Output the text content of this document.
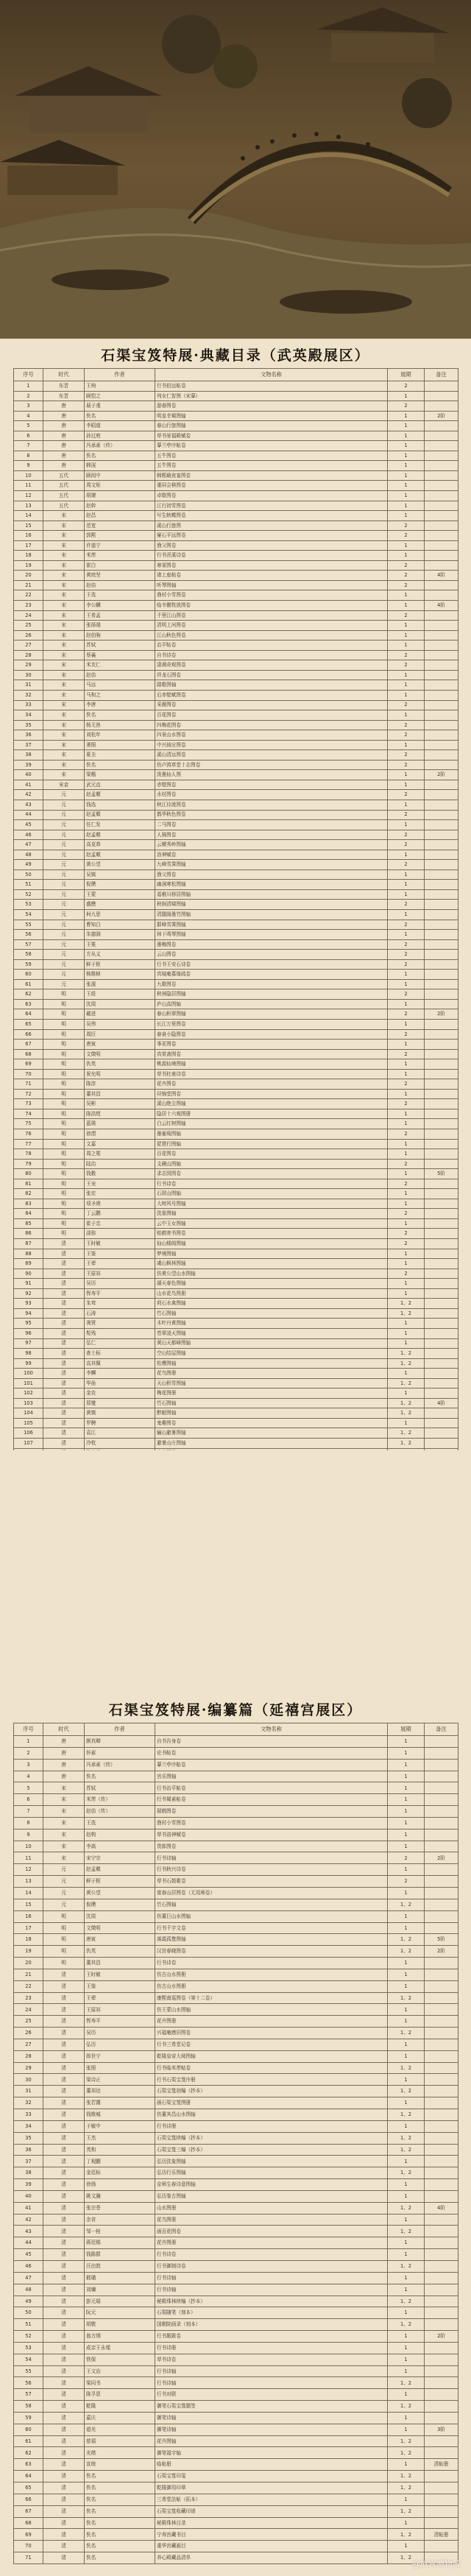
石渠宝笈特展·典藏目录（武英殿展区）
序号	时代	作者	文物名称	展期	备注
1	东晋	王珣	行书伯远帖卷	2	
2	东晋	顾恺之	列女仁智图（宋摹）	1	
3	唐	展子虔	游春图卷	2	
4	唐	佚名	明皇幸蜀图轴	1	2阶
5	唐	李昭道	春山行旅图轴	1	
6	唐	孙过庭	草书景福殿赋卷	1	
7	唐	冯承素（传）	摹兰亭序帖卷	1	
8	唐	佚名	五牛图卷	1	
9	唐	韩滉	五牛图卷	1	
10	五代	顾闳中	韩熙载夜宴图卷	1	
11	五代	周文矩	重屏会棋图卷	1	
12	五代	胡瓌	卓歇图卷	1	
13	五代	赵幹	江行初雪图卷	1	
14	宋	赵昌	写生蛱蝶图卷	1	
15	宋	范宽	溪山行旅图	2	
16	宋	郭熙	窠石平远图卷	2	
17	宋	许道宁	渔父图卷	1	
18	宋	米芾	行书苕溪诗卷	1	
19	宋	崔白	寒雀图卷	2	
20	宋	黄庭坚	诸上座帖卷	2	4阶
21	宋	赵佶	听琴图轴	2	
22	宋	王诜	渔村小雪图卷	1	
23	宋	李公麟	临韦偃牧放图卷	1	4阶
24	宋	王希孟	千里江山图卷	2	
25	宋	张择端	清明上河图卷	1	
26	宋	赵伯驹	江山秋色图卷	1	
27	宋	苏轼	治平帖卷	1	
28	宋	蔡襄	自书诗卷	2	
29	宋	米友仁	潇湘奇观图卷	2	
30	宋	赵佶	祥龙石图卷	1	
31	宋	马远	踏歌图轴	1	
32	宋	马和之	后赤壁赋图卷	1	
33	宋	李唐	采薇图卷	2	
34	宋	佚名	百花图卷	1	
35	宋	杨无咎	四梅花图卷	2	
36	宋	刘松年	四景山水图卷	2	
37	宋	萧照	中兴祯应图卷	1	
38	宋	夏圭	溪山清远图卷	2	
39	宋	佚名	仿卢鸿草堂十志图卷	2	
40	宋	梁楷	泼墨仙人图	1	2阶
41	宋金	武元直	赤壁图卷	1	
42	元	赵孟頫	水村图卷	2	
43	元	钱选	秋江待渡图卷	1	
44	元	赵孟頫	鹊华秋色图卷	2	
45	元	任仁发	二马图卷	1	
46	元	赵孟頫	人骑图卷	2	
47	元	高克恭	云横秀岭图轴	2	
48	元	赵孟頫	洛神赋卷	1	
49	元	黄公望	九峰雪霁图轴	2	
50	元	吴镇	渔父图卷	1	
51	元	倪瓒	幽涧寒松图轴	1	
52	元	王蒙	葛稚川移居图轴	1	
53	元	盛懋	秋舸清啸图轴	2	
54	元	柯九思	清閟阁墨竹图轴	1	
55	元	曹知白	群峰雪霁图轴	2	
56	元	朱德润	林下鸣琴图轴	1	
57	元	王冕	墨梅图卷	2	
58	元	方从义	云山图卷	2	
59	元	鲜于枢	行书王安石诗卷	2	
60	元	杨维桢	真镜庵募缘疏卷	1	
61	元	张渥	九歌图卷	1	
62	明	王绂	秋林隐居图轴	2	
63	明	沈周	庐山高图轴	1	
64	明	戴进	春山积翠图轴	2	2阶
65	明	吴伟	长江万里图卷	1	
66	明	周臣	春泉小隐图卷	2	
67	明	唐寅	事茗图卷	1	
68	明	文徵明	真赏斋图卷	2	
69	明	仇英	桃源仙境图轴	1	
70	明	祝允明	草书杜甫诗卷	1	
71	明	陈淳	花卉图卷	2	
72	明	董其昌	昼锦堂图卷	1	
73	明	吴彬	溪山绝尘图轴	2	
74	明	陈洪绶	隐居十六观图册	1	
75	明	蓝瑛	白云红树图轴	1	
76	明	徐渭	墨葡萄图轴	2	
77	明	文嘉	琵琶行图轴	1	
78	明	周之冕	百花图卷	1	
79	明	陆治	支硎山图轴	2	
80	明	钱穀	求志园图卷	1	5阶
81	明	王宠	行书诗卷	2	
82	明	张宏	石屑山图轴	1	
83	明	项圣谟	大树风号图轴	1	
84	明	丁云鹏	洗象图轴	2	
85	明	崔子忠	云中玉女图轴	1	
86	明	邵弥	贻鹤寄书图卷	2	
87	清	王时敏	仙山楼阁图轴	2	
88	清	王鉴	梦境图轴	1	
89	清	王翚	虞山枫林图轴	1	
90	清	王原祁	仿黄公望山水图轴	2	
91	清	吴历	湖天春色图轴	1	
92	清	恽寿平	山水花鸟图册	1	
93	清	朱耷	荷石水禽图轴	1、2	
94	清	石涛	竹石图轴	1、2	
95	清	龚贤	木叶丹黄图轴	1	
96	清	髡残	苍翠凌天图轴	1	
97	清	弘仁	黄山天都峰图轴	1	
98	清	查士标	空山结屋图轴	1、2	
99	清	高其佩	松鹰图轴	1、2	
100	清	李鱓	花鸟图册	1	
101	清	华嵒	天山积雪图轴	1、2	
102	清	金农	梅花图册	1	
103	清	郑燮	竹石图轴	1、2	4阶
104	清	黄慎	醉眠图轴	1、2	
105	清	罗聘	鬼趣图卷	1	
106	清	袁江	骊山避暑图轴	1、2	
107	清	冷枚	避暑山庄图轴	1、2	

石渠宝笈特展·编纂篇（延禧宫展区）
序号	时代	作者	文物名称	展期	备注
1	唐	颜真卿	自书告身卷	1	
2	唐	怀素	论书帖卷	1	
3	唐	冯承素（传）	摹兰亭序帖卷	1	
4	唐	佚名	宫乐图轴	1	
5	宋	苏轼	行书治平帖卷	1	
6	宋	米芾（传）	行书蜀素帖卷	1	
7	宋	赵佶（传）	瑞鹤图卷	1	
8	宋	王诜	渔村小雪图卷	1	
9	宋	赵构	草书洛神赋卷	1	
10	宋	李嵩	货郎图卷	1	
11	宋	宋宁宗	行书诗轴	2	2阶
12	元	赵孟頫	行书秋兴诗卷	1	
13	元	鲜于枢	草书石鼓歌卷	2	
14	元	黄公望	富春山居图卷（无用师卷）	1	
15	元	倪瓒	竹石图轴	1、2	
16	明	沈周	仿董巨山水图轴	1	
17	明	文徵明	行书千字文卷	1	
18	明	唐寅	落霞孤鹜图轴	1、2	5阶
19	明	仇英	汉宫春晓图卷	1、2	2阶
20	明	董其昌	行书诗卷	1	
21	清	王时敏	仿古山水图册	1	
22	清	王鉴	仿古山水图册	1	
23	清	王翚	康熙南巡图卷（第十二卷）	1、2	
24	清	王原祁	仿王蒙山水图轴	1	
25	清	恽寿平	花卉图册	1	
26	清	吴历	兴福庵感旧图卷	1、2	
27	清	弘历	行书三希堂记卷	1	
28	清	郎世宁	乾隆皇帝大阅图轴	1	
29	清	张照	行书临米芾帖卷	1、2	
30	清	梁诗正	行书石渠宝笈序册	1	
31	清	董邦达	石渠宝笈初编（抄本）	1、2	
32	清	张若霭	画石渠宝笈图册	1	
33	清	钱维城	仿董其昌山水图轴	1、2	
34	清	于敏中	行书诗册	1	
35	清	王杰	石渠宝笈续编（抄本）	1、2	
36	清	英和	石渠宝笈三编（抄本）	1、2	
37	清	丁观鹏	弘历洗象图轴	1	
38	清	金廷标	弘历行乐图轴	1、2	
39	清	徐扬	京师生春诗意图轴	1	
40	清	姚文瀚	弘历鉴古图轴	1	
41	清	张宗苍	山水图册	1、2	4阶
42	清	余省	花鸟图册	1	
43	清	邹一桂	画百花图卷	1、2	
44	清	蒋廷锡	花卉图册	1	
45	清	钱陈群	行书诗卷	1	
46	清	汪由敦	行书御制诗卷	1、2	
47	清	嵇璜	行书诗轴	1	
48	清	刘墉	行书诗轴	1	
49	清	彭元瑞	秘殿珠林续编（抄本）	1、2	
50	清	阮元	石渠随笔（刻本）	1	
51	清	胡敬	国朝院画录（刻本）	1、2	
52	清	翁方纲	行书题跋卷	1	2阶
53	清	成亲王永瑆	行书诗册	1	
54	清	铁保	草书诗卷	1	
55	清	王文治	行书诗轴	1	
56	清	梁同书	行书诗轴	1、2	
57	清	陈孚恩	行书对联	1	
58	清	乾隆	御笔石渠宝笈题签	1、2	
59	清	嘉庆	御笔诗轴	1	
60	清	道光	御笔诗轴	1	3阶
61	清	慈禧	花卉图轴	1、2	
62	清	光绪	御笔福字轴	1、2	
63	清	宣统	临帖册	1	清帖册
64	清	佚名	石渠宝笈印玺	1、2	
65	清	佚名	乾隆御用印章	1、2	
66	清	佚名	三希堂法帖（拓本）	1	
67	清	佚名	石渠宝笈收藏印谱	1、2	
68	清	佚名	秘殿珠林目录	1	
69	清	佚名	宁寿宫藏书目	1、2	清帖册
70	清	佚名	重华宫藏画目	1	
71	清	佚名	养心殿藏品清单	1、2	
@故宫博物院
